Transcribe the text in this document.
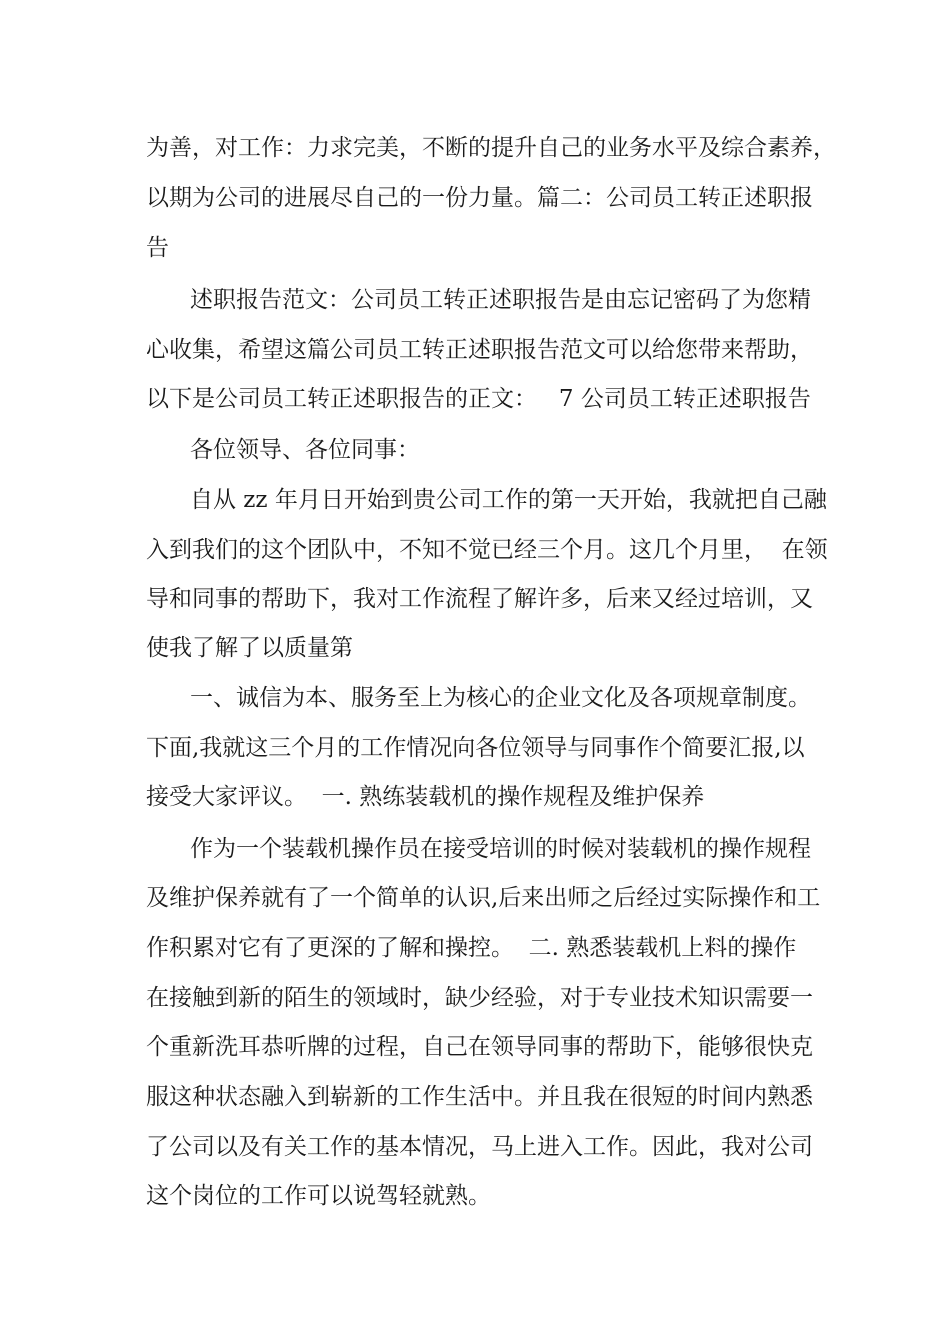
为善，对工作：力求完美，不断的提升自己的业务水平及综合素养，
以期为公司的进展尽自己的一份力量。篇二：公司员工转正述职报
告
述职报告范文：公司员工转正述职报告是由忘记密码了为您精
心收集，希望这篇公司员工转正述职报告范文可以给您带来帮助，
以下是公司员工转正述职报告的正文：   7 公司员工转正述职报告
各位领导、各位同事：
自从 zz 年月日开始到贵公司工作的第一天开始，我就把自己融
入到我们的这个团队中，不知不觉已经三个月。这几个月里，  在领
导和同事的帮助下，我对工作流程了解许多，后来又经过培训，又
使我了解了以质量第
一、诚信为本、服务至上为核心的企业文化及各项规章制度。
下面,我就这三个月的工作情况向各位领导与同事作个简要汇报,以
接受大家评议。  一. 熟练装载机的操作规程及维护保养
作为一个装载机操作员在接受培训的时候对装载机的操作规程
及维护保养就有了一个简单的认识,后来出师之后经过实际操作和工
作积累对它有了更深的了解和操控。  二. 熟悉装载机上料的操作
在接触到新的陌生的领域时，缺少经验，对于专业技术知识需要一
个重新洗耳恭听牌的过程，自己在领导同事的帮助下，能够很快克
服这种状态融入到崭新的工作生活中。并且我在很短的时间内熟悉
了公司以及有关工作的基本情况，马上进入工作。因此，我对公司
这个岗位的工作可以说驾轻就熟。
